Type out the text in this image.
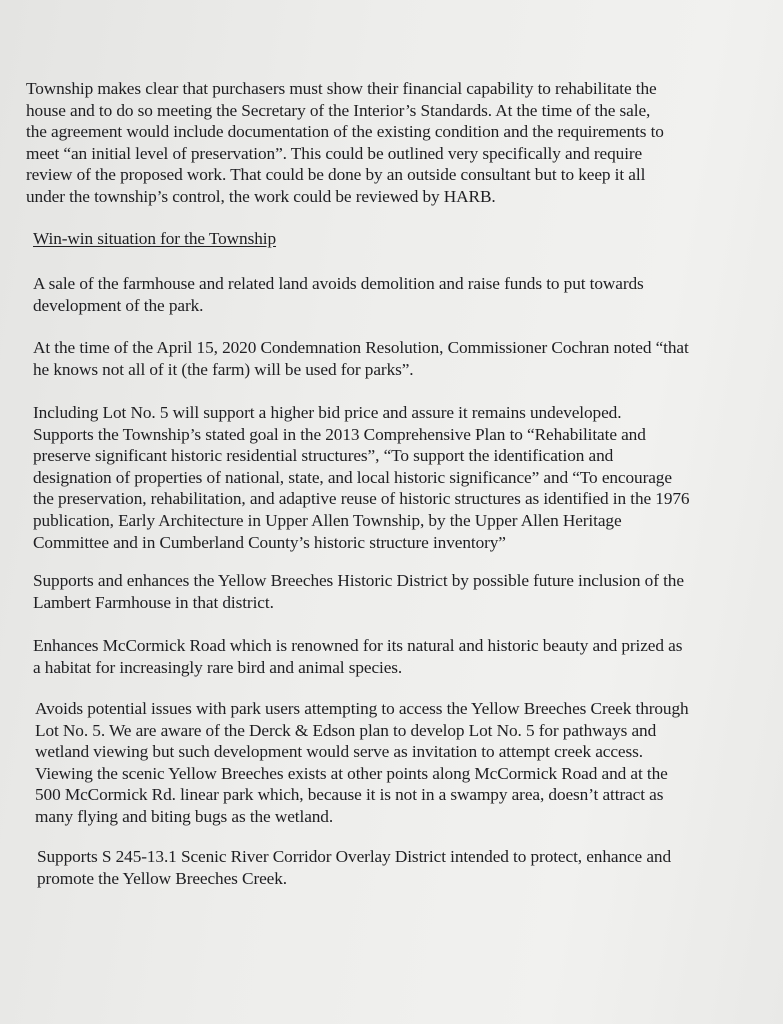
Township makes clear that purchasers must show their financial capability to rehabilitate the
house and to do so meeting the Secretary of the Interior’s Standards. At the time of the sale,
the agreement would include documentation of the existing condition and the requirements to
meet “an initial level of preservation”. This could be outlined very specifically and require
review of the proposed work. That could be done by an outside consultant but to keep it all
under the township’s control, the work could be reviewed by HARB.
Win-win situation for the Township
A sale of the farmhouse and related land avoids demolition and raise funds to put towards
development of the park.
At the time of the April 15, 2020 Condemnation Resolution, Commissioner Cochran noted “that
he knows not all of it (the farm) will be used for parks”.
Including Lot No. 5 will support a higher bid price and assure it remains undeveloped.
Supports the Township’s stated goal in the 2013 Comprehensive Plan to “Rehabilitate and
preserve significant historic residential structures”, “To support the identification and
designation of properties of national, state, and local historic significance” and “To encourage
the preservation, rehabilitation, and adaptive reuse of historic structures as identified in the 1976
publication, Early Architecture in Upper Allen Township, by the Upper Allen Heritage
Committee and in Cumberland County’s historic structure inventory”
Supports and enhances the Yellow Breeches Historic District by possible future inclusion of the
Lambert Farmhouse in that district.
Enhances McCormick Road which is renowned for its natural and historic beauty and prized as
a habitat for increasingly rare bird and animal species.
Avoids potential issues with park users attempting to access the Yellow Breeches Creek through
Lot No. 5. We are aware of the Derck & Edson plan to develop Lot No. 5 for pathways and
wetland viewing but such development would serve as invitation to attempt creek access.
Viewing the scenic Yellow Breeches exists at other points along McCormick Road and at the
500 McCormick Rd. linear park which, because it is not in a swampy area, doesn’t attract as
many flying and biting bugs as the wetland.
Supports S 245-13.1 Scenic River Corridor Overlay District intended to protect, enhance and
promote the Yellow Breeches Creek.
